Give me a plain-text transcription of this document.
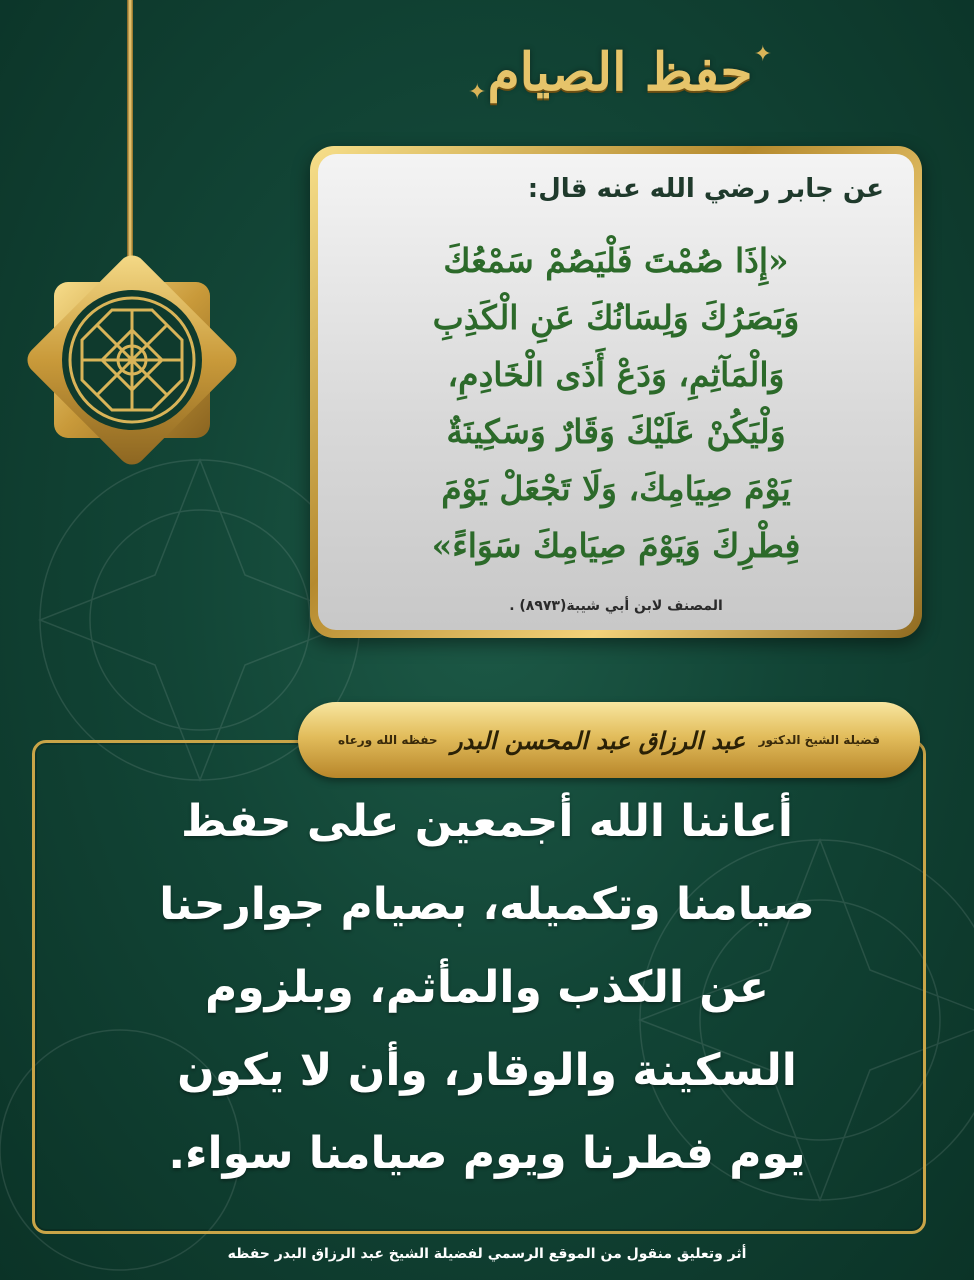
✦
✦ حفظ الصيام
عن جابر رضي الله عنه قال:
«إِذَا صُمْتَ فَلْيَصُمْ سَمْعُكَ
وَبَصَرُكَ وَلِسَانُكَ عَنِ الْكَذِبِ
وَالْمَآثِمِ، وَدَعْ أَذَى الْخَادِمِ،
وَلْيَكُنْ عَلَيْكَ وَقَارٌ وَسَكِينَةٌ
يَوْمَ صِيَامِكَ، وَلَا تَجْعَلْ يَوْمَ
فِطْرِكَ وَيَوْمَ صِيَامِكَ سَوَاءً»
المصنف لابن أبي شيبة(٨٩٧٣) .
فضيلة الشيخ الدكتور
عبد الرزاق عبد المحسن البدر
حفظه الله ورعاه
أعاننا الله أجمعين على حفظ
صيامنا وتكميله، بصيام جوارحنا
عن الكذب والمأثم، وبلزوم
السكينة والوقار، وأن لا يكون
يوم فطرنا ويوم صيامنا سواء.
أثر وتعليق منقول من الموقع الرسمي لفضيلة الشيخ عبد الرزاق البدر حفظه
